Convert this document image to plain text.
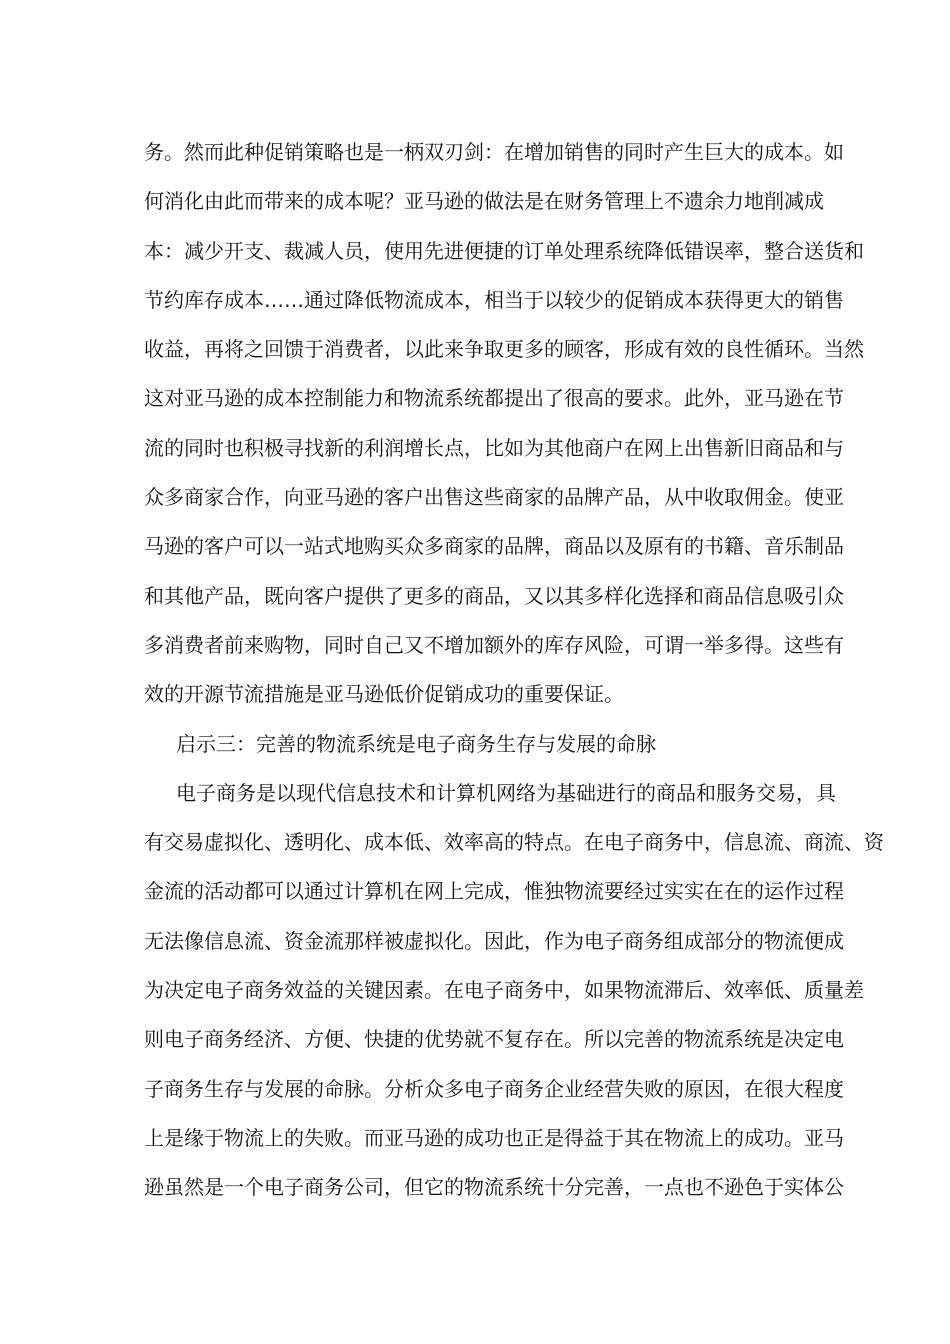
务。然而此种促销策略也是一柄双刃剑：在增加销售的同时产生巨大的成本。如
何消化由此而带来的成本呢？亚马逊的做法是在财务管理上不遗余力地削减成
本：减少开支、裁减人员，使用先进便捷的订单处理系统降低错误率，整合送货和
节约库存成本……通过降低物流成本，相当于以较少的促销成本获得更大的销售
收益，再将之回馈于消费者，以此来争取更多的顾客，形成有效的良性循环。当然
这对亚马逊的成本控制能力和物流系统都提出了很高的要求。此外，亚马逊在节
流的同时也积极寻找新的利润增长点，比如为其他商户在网上出售新旧商品和与
众多商家合作，向亚马逊的客户出售这些商家的品牌产品，从中收取佣金。使亚
马逊的客户可以一站式地购买众多商家的品牌，商品以及原有的书籍、音乐制品
和其他产品，既向客户提供了更多的商品，又以其多样化选择和商品信息吸引众
多消费者前来购物，同时自己又不增加额外的库存风险，可谓一举多得。这些有
效的开源节流措施是亚马逊低价促销成功的重要保证。
启示三：完善的物流系统是电子商务生存与发展的命脉
电子商务是以现代信息技术和计算机网络为基础进行的商品和服务交易，具
有交易虚拟化、透明化、成本低、效率高的特点。在电子商务中，信息流、商流、资
金流的活动都可以通过计算机在网上完成，惟独物流要经过实实在在的运作过程
无法像信息流、资金流那样被虚拟化。因此，作为电子商务组成部分的物流便成
为决定电子商务效益的关键因素。在电子商务中，如果物流滞后、效率低、质量差
则电子商务经济、方便、快捷的优势就不复存在。所以完善的物流系统是决定电
子商务生存与发展的命脉。分析众多电子商务企业经营失败的原因，在很大程度
上是缘于物流上的失败。而亚马逊的成功也正是得益于其在物流上的成功。亚马
逊虽然是一个电子商务公司，但它的物流系统十分完善，一点也不逊色于实体公
